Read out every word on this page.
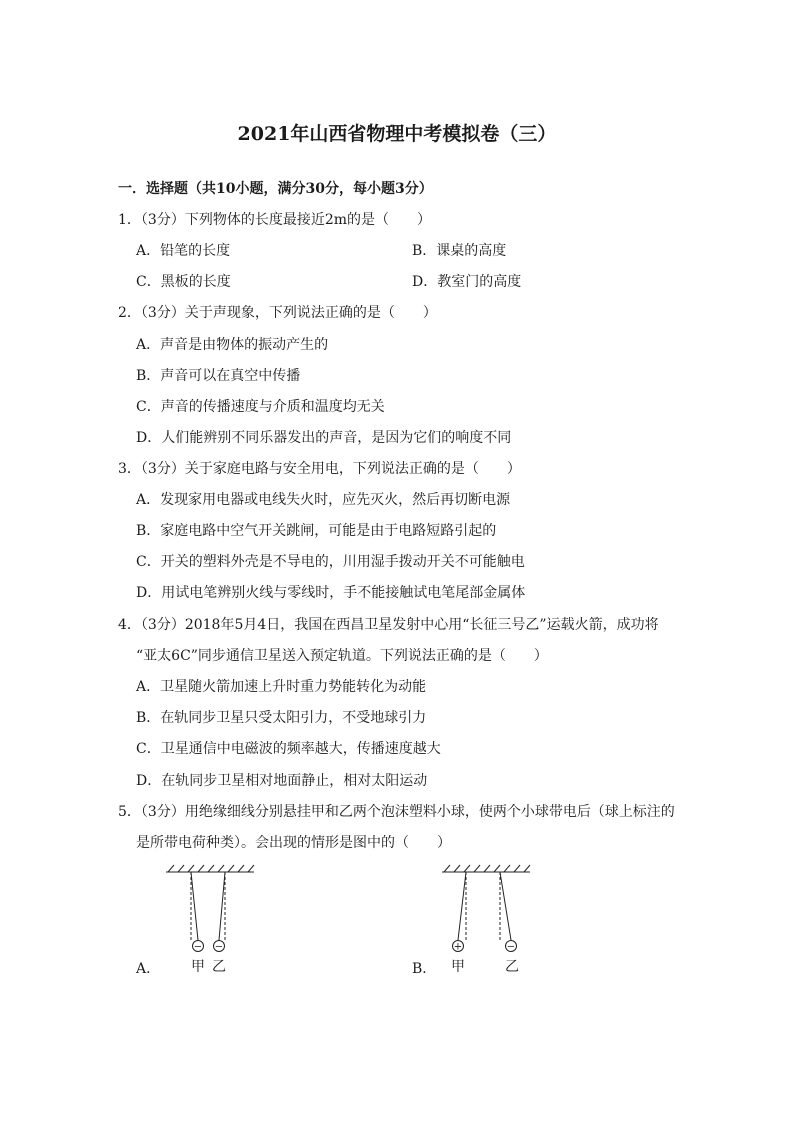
2021年山西省物理中考模拟卷（三）
一．选择题（共10小题，满分30分，每小题3分）
1．（3分）下列物体的长度最接近2m的是（　　）
A．铅笔的长度	B．课桌的高度
C．黑板的长度	D．教室门的高度
2．（3分）关于声现象，下列说法正确的是（　　）
A．声音是由物体的振动产生的
B．声音可以在真空中传播
C．声音的传播速度与介质和温度均无关
D．人们能辨别不同乐器发出的声音，是因为它们的响度不同
3．（3分）关于家庭电路与安全用电，下列说法正确的是（　　）
A．发现家用电器或电线失火时，应先灭火，然后再切断电源
B．家庭电路中空气开关跳闸，可能是由于电路短路引起的
C．开关的塑料外壳是不导电的，川用湿手拨动开关不可能触电
D．用试电笔辨别火线与零线时，手不能接触试电笔尾部金属体
4．（3分）2018年5月4日，我国在西昌卫星发射中心用“长征三号乙”运载火箭，成功将
“亚太6C”同步通信卫星送入预定轨道。下列说法正确的是（　　）
A．卫星随火箭加速上升时重力势能转化为动能
B．在轨同步卫星只受太阳引力，不受地球引力
C．卫星通信中电磁波的频率越大，传播速度越大
D．在轨同步卫星相对地面静止，相对太阳运动
5．（3分）用绝缘细线分别悬挂甲和乙两个泡沫塑料小球，使两个小球带电后（球上标注的
是所带电荷种类）。会出现的情形是图中的（　　）
− −
A． 甲 乙
+	−
B． 甲	乙
